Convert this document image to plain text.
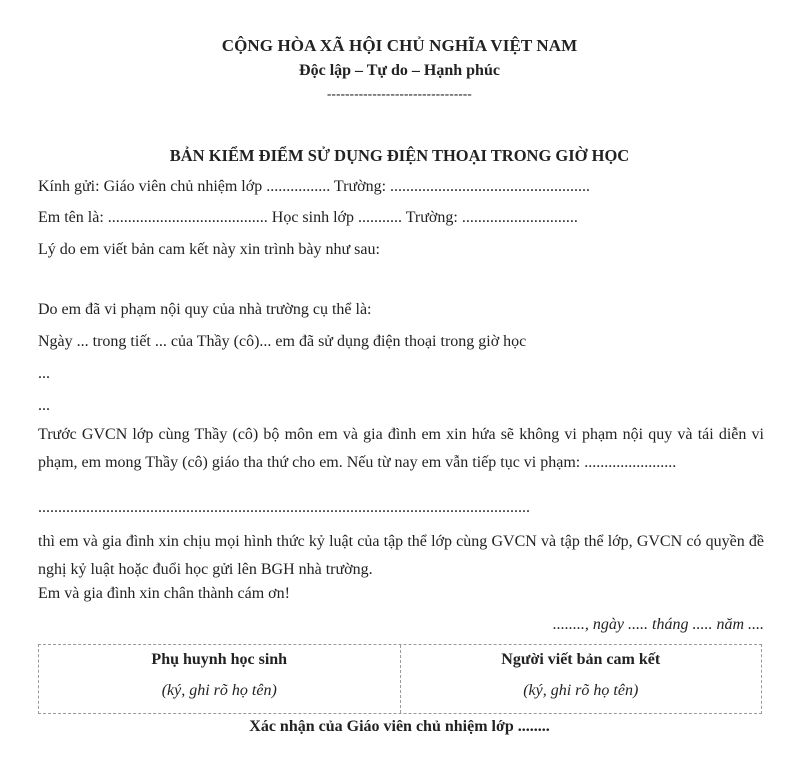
CỘNG HÒA XÃ HỘI CHỦ NGHĨA VIỆT NAM
Độc lập – Tự do – Hạnh phúc
--------------------------------
BẢN KIỂM ĐIỂM SỬ DỤNG ĐIỆN THOẠI TRONG GIỜ HỌC
Kính gửi: Giáo viên chủ nhiệm lớp ................ Trường: ..................................................
Em tên là: ........................................ Học sinh lớp ........... Trường: .............................
Lý do em viết bản cam kết này xin trình bày như sau:
Do em đã vi phạm nội quy của nhà trường cụ thể là:
Ngày ... trong tiết ... của Thầy (cô)... em đã sử dụng điện thoại trong giờ học
...
...
Trước GVCN lớp cùng Thầy (cô) bộ môn em và gia đình em xin hứa sẽ không vi phạm nội quy và tái diễn vi phạm, em mong Thầy (cô) giáo tha thứ cho em. Nếu từ nay em vẫn tiếp tục vi phạm: .......................
...........................................................................................................................
thì em và gia đình xin chịu mọi hình thức kỷ luật của tập thể lớp cùng GVCN và tập thể lớp, GVCN có quyền đề nghị kỷ luật hoặc đuổi học gửi lên BGH nhà trường.
Em và gia đình xin chân thành cám ơn!
........, ngày ..... tháng ..... năm ....
Phụ huynh học sinh
(ký, ghi rõ họ tên)
Người viết bản cam kết
(ký, ghi rõ họ tên)
Xác nhận của Giáo viên chủ nhiệm lớp ........
